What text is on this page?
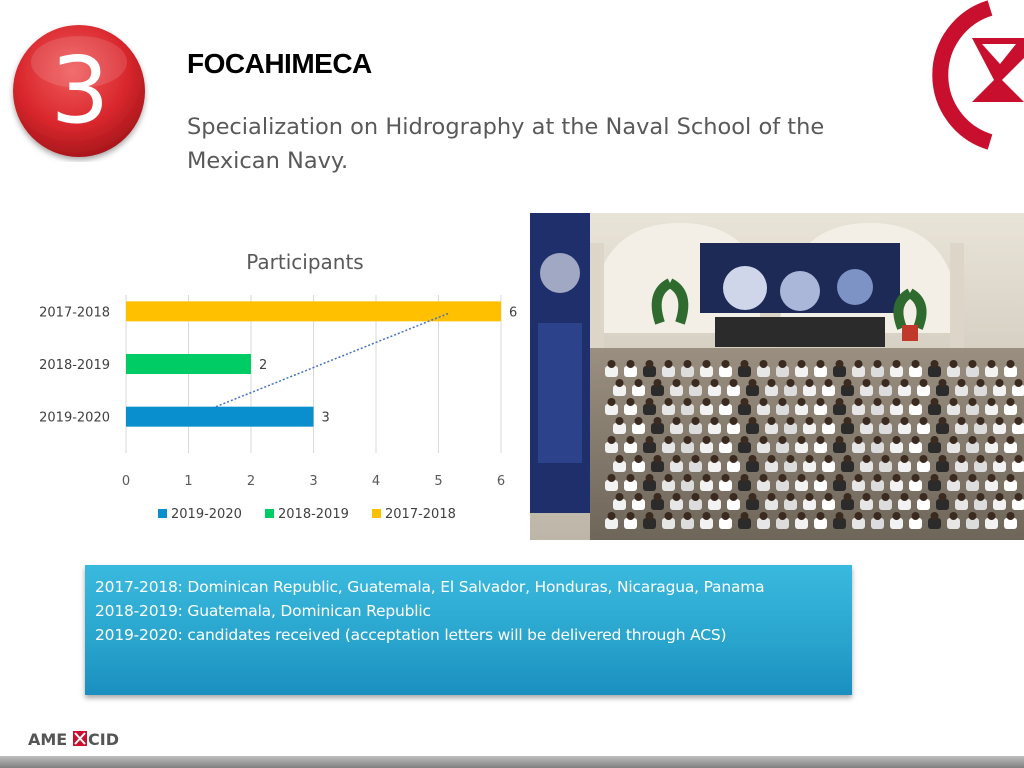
3	FOCAHIMECA

Specialization on Hidrography at the Naval School of the Mexican Navy.

Participants
6
2
3
2017-2018
2018-2019
2019-2020
0	1	2	3	4	5	6
2019-2020	2018-2019	2017-2018
2017-2018: Dominican Republic, Guatemala, El Salvador, Honduras, Nicaragua, Panama
2018-2019: Guatemala, Dominican Republic
2019-2020: candidates received (acceptation letters will be delivered through ACS)
AME CID
